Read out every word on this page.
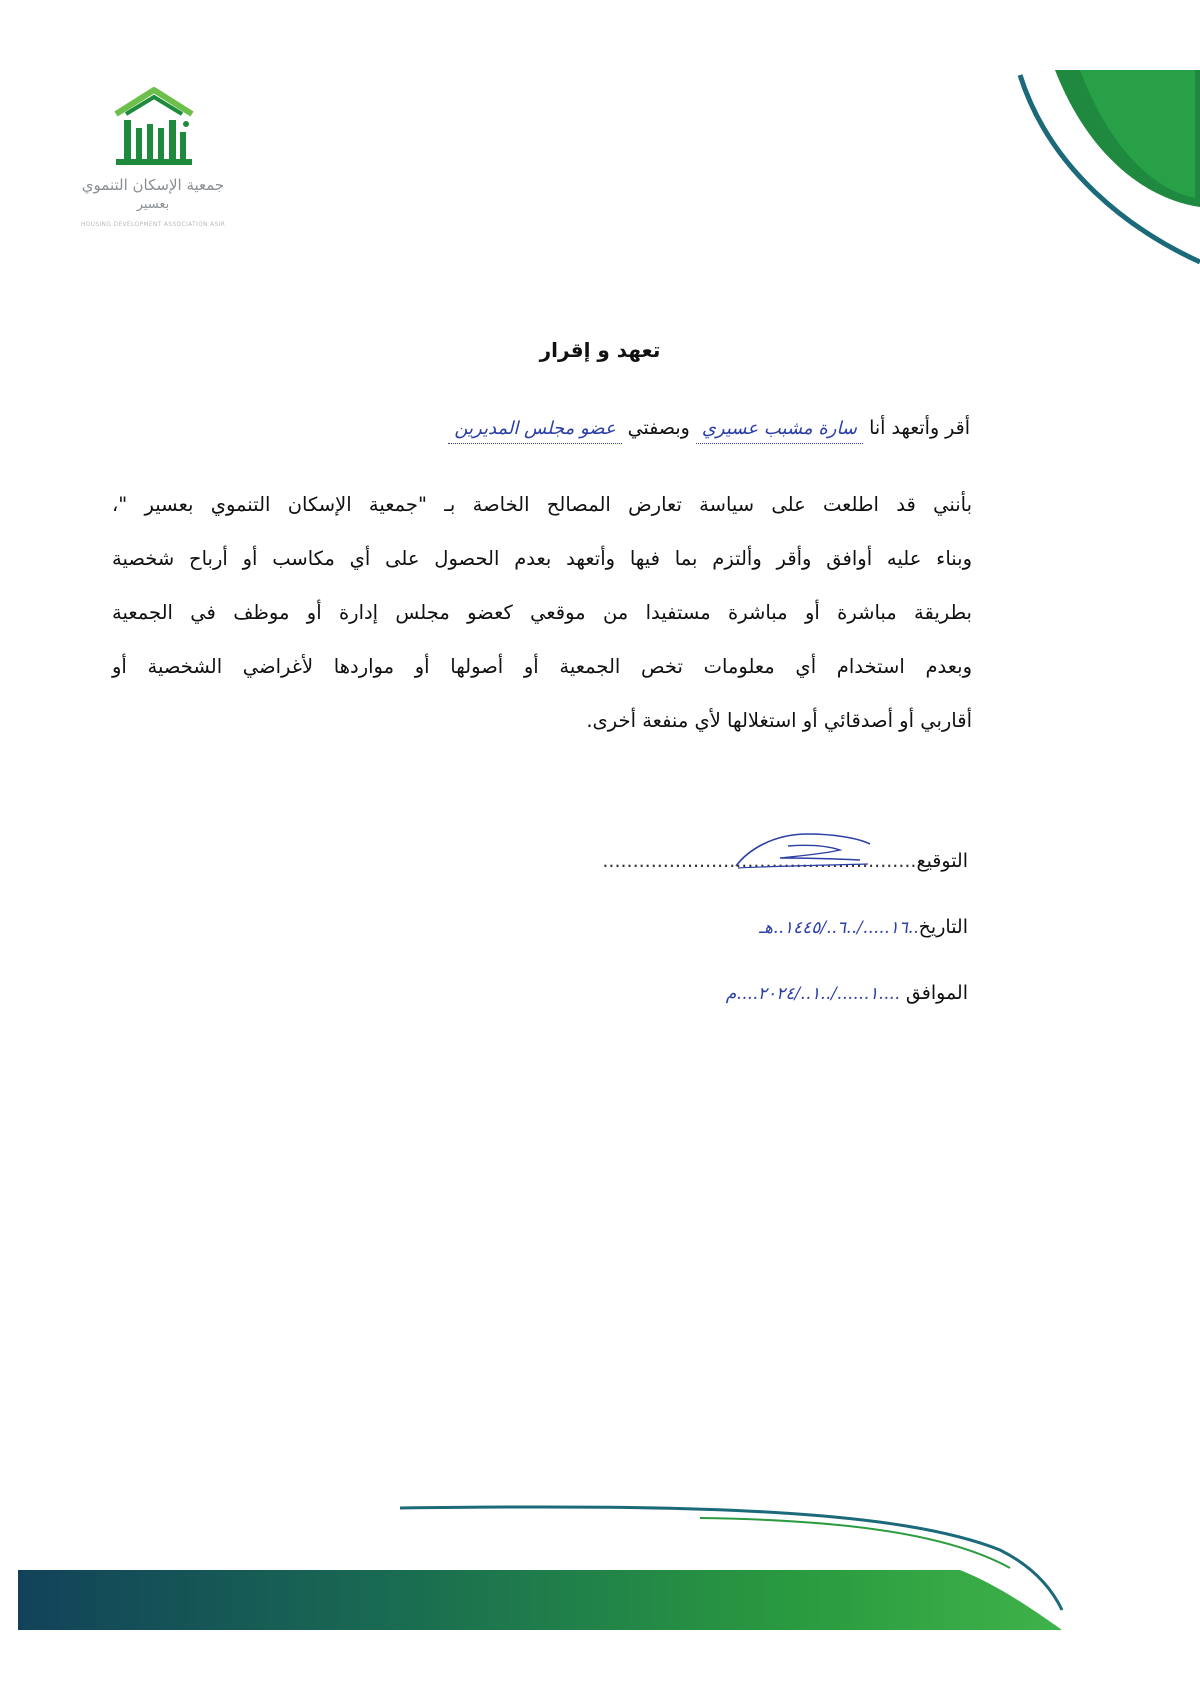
جمعية الإسكان التنموي
بعسير
HOUSING DEVELOPMENT ASSOCIATION ASIR
تعهد و إقرار
أقر وأتعهد أنا سارة مشبب عسيري وبصفتي عضو مجلس المديرين
بأنني قد اطلعت على سياسة تعارض المصالح الخاصة بـ "جمعية الإسكان التنموي بعسير "،
وبناء عليه أوافق وأقر وألتزم بما فيها وأتعهد بعدم الحصول على أي مكاسب أو أرباح شخصية
بطريقة مباشرة أو مباشرة مستفيدا من موقعي كعضو مجلس إدارة أو موظف في الجمعية
وبعدم استخدام أي معلومات تخص الجمعية أو أصولها أو مواردها لأغراضي الشخصية أو
أقاربي أو أصدقائي أو استغلالها لأي منفعة أخرى.
التوقيع....................................................
التاريخ..١٦...../..٦../١٤٤٥..هـ
الموافق ....١....../..١../٢٠٢٤....م
